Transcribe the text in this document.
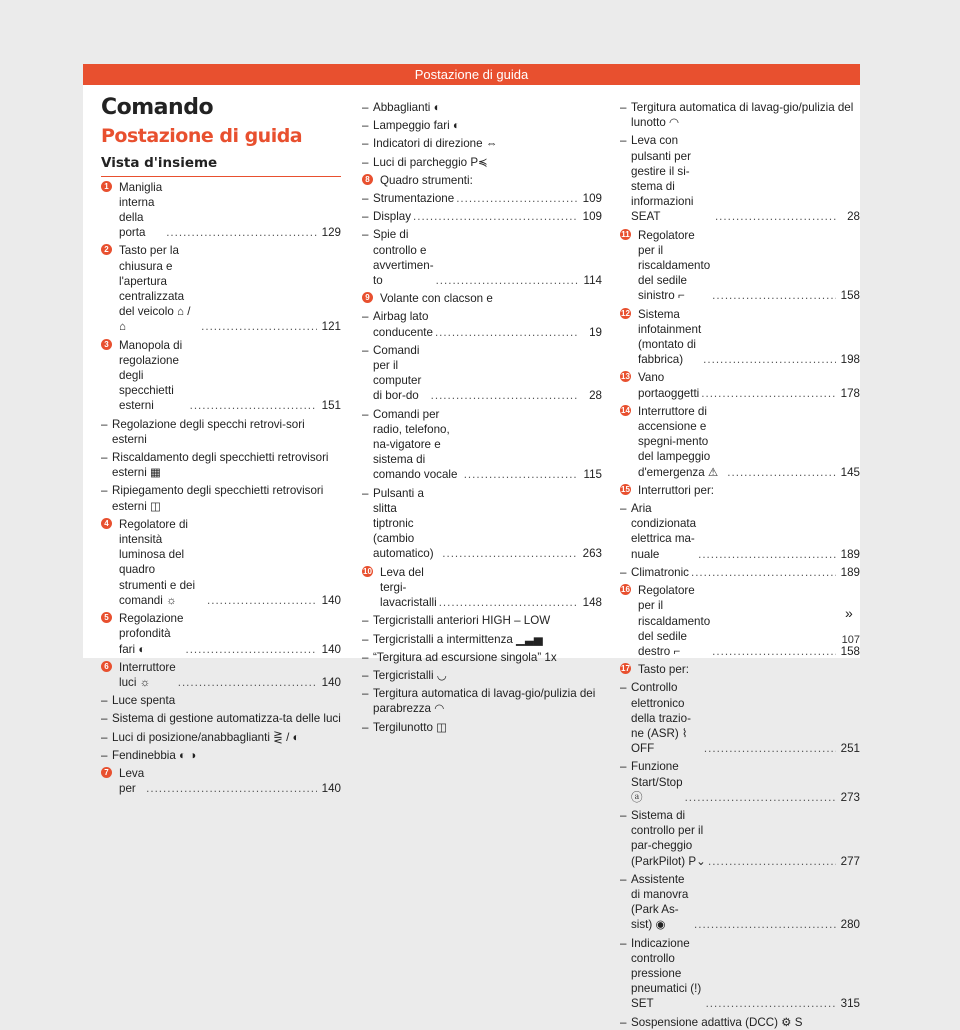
Postazione di guida
Comando
Postazione di guida
Vista d'insieme
1 Maniglia interna della porta .....	129
2 Tasto per la chiusura e l'apertura centralizzata del veicolo ⌂ / ⌂ .....	121
3 Manopola di regolazione degli specchietti esterni .....	151
– Regolazione degli specchi retrovi-sori esterni
– Riscaldamento degli specchietti retrovisori esterni ▦
– Ripiegamento degli specchietti retrovisori esterni ◫
4 Regolatore di intensità luminosa del quadro strumenti e dei comandi ☼ .....	140
5 Regolazione profondità fari ◐ .....	140
6 Interruttore luci ☼ .....	140
– Luce spenta
– Sistema di gestione automatizza-ta delle luci
– Luci di posizione/anabbaglianti ⋛ / ◐
– Fendinebbia ◐ ◑
7 Leva per .....	140
– Abbaglianti ◐
– Lampeggio fari ◐
– Indicatori di direzione ⇔
– Luci di parcheggio P≼
8 Quadro strumenti:
– Strumentazione .....	109
– Display .....	109
– Spie di controllo e avvertimen-to .....	114
9 Volante con clacson e
– Airbag lato conducente .....	19
– Comandi per il computer di bor-do .....	28
– Comandi per radio, telefono, na-vigatore e sistema di comando vocale .....	115
– Pulsanti a slitta tiptronic (cambio automatico) .....	263
10 Leva del tergi-lavacristalli .....	148
– Tergicristalli anteriori HIGH – LOW
– Tergicristalli a intermittenza ▁▃▅
– “Tergitura ad escursione singola” 1x
– Tergicristalli ◡
– Tergitura automatica di lavag-gio/pulizia dei parabrezza ◠
– Tergilunotto ◫
– Tergitura automatica di lavag-gio/pulizia del lunotto ◠
– Leva con pulsanti per gestire il si-stema di informazioni SEAT .....	28
11 Regolatore per il riscaldamento del sedile sinistro ⌐ .....	158
12 Sistema infotainment (montato di fabbrica) .....	198
13 Vano portaoggetti .....	178
14 Interruttore di accensione e spegni-mento del lampeggio d'emergenza ⚠ .....	145
15 Interruttori per:
– Aria condizionata elettrica ma-nuale .....	189
– Climatronic .....	189
16 Regolatore per il riscaldamento del sedile destro ⌐ .....	158
17 Tasto per:
– Controllo elettronico della trazio-ne (ASR) ⌇ OFF .....	251
– Funzione Start/Stop ⓐ .....	273
– Sistema di controllo per il par-cheggio (ParkPilot) P⌄ .....	277
– Assistente di manovra (Park As-sist) ◉ .....	280
– Indicazione controllo pressione pneumatici (!) SET .....	315
– Sospensione adattiva (DCC) ⚙ S
»
107
